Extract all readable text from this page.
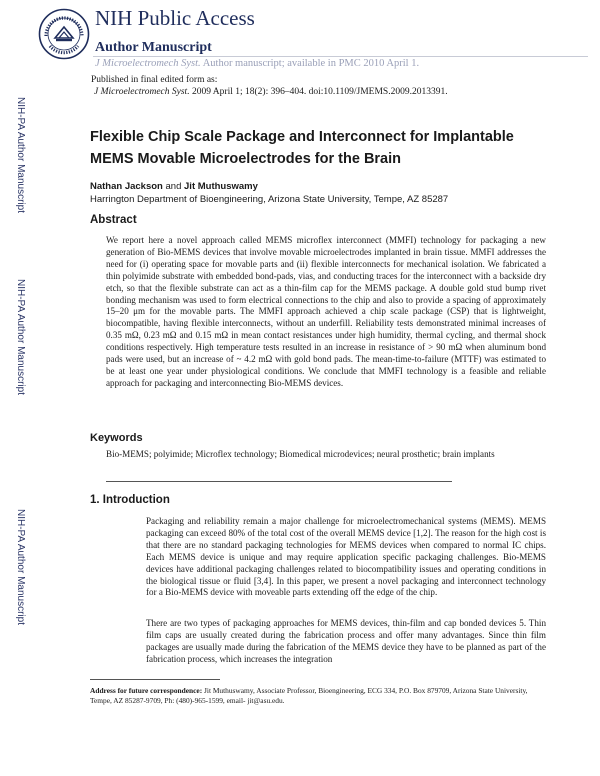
NIH Public Access
Author Manuscript
J Microelectromech Syst. Author manuscript; available in PMC 2010 April 1.
Published in final edited form as:
J Microelectromech Syst. 2009 April 1; 18(2): 396–404. doi:10.1109/JMEMS.2009.2013391.
NIH-PA Author Manuscript
NIH-PA Author Manuscript
NIH-PA Author Manuscript
Flexible Chip Scale Package and Interconnect for Implantable MEMS Movable Microelectrodes for the Brain
Nathan Jackson and Jit Muthuswamy
Harrington Department of Bioengineering, Arizona State University, Tempe, AZ 85287
Abstract

We report here a novel approach called MEMS microflex interconnect (MMFI) technology for packaging a new generation of Bio-MEMS devices that involve movable microelectrodes implanted in brain tissue. MMFI addresses the need for (i) operating space for movable parts and (ii) flexible interconnects for mechanical isolation. We fabricated a thin polyimide substrate with embedded bond-pads, vias, and conducting traces for the interconnect with a backside dry etch, so that the flexible substrate can act as a thin-film cap for the MEMS package. A double gold stud bump rivet bonding mechanism was used to form electrical connections to the chip and also to provide a spacing of approximately 15–20 μm for the movable parts. The MMFI approach achieved a chip scale package (CSP) that is lightweight, biocompatible, having flexible interconnects, without an underfill. Reliability tests demonstrated minimal increases of 0.35 mΩ, 0.23 mΩ and 0.15 mΩ in mean contact resistances under high humidity, thermal cycling, and thermal shock conditions respectively. High temperature tests resulted in an increase in resistance of > 90 mΩ when aluminum bond pads were used, but an increase of ~ 4.2 mΩ with gold bond pads. The mean-time-to-failure (MTTF) was estimated to be at least one year under physiological conditions. We conclude that MMFI technology is a feasible and reliable approach for packaging and interconnecting Bio-MEMS devices.

Keywords

Bio-MEMS; polyimide; Microflex technology; Biomedical microdevices; neural prosthetic; brain implants

1. Introduction

Packaging and reliability remain a major challenge for microelectromechanical systems (MEMS). MEMS packaging can exceed 80% of the total cost of the overall MEMS device [1,2]. The reason for the high cost is that there are no standard packaging technologies for MEMS devices when compared to normal IC chips. Each MEMS device is unique and may require application specific packaging challenges. Bio-MEMS devices have additional packaging challenges related to biocompatibility issues and operating conditions in the biological tissue or fluid [3,4]. In this paper, we present a novel packaging and interconnect technology for a Bio-MEMS device with moveable parts extending off the edge of the chip.

There are two types of packaging approaches for MEMS devices, thin-film and cap bonded devices 5. Thin film caps are usually created during the fabrication process and offer many advantages. Since thin film packages are usually made during the fabrication of the MEMS device they have to be planned as part of the fabrication process, which increases the integration

Address for future correspondence: Jit Muthuswamy, Associate Professor, Bioengineering, ECG 334, P.O. Box 879709, Arizona State University, Tempe, AZ 85287-9709, Ph: (480)-965-1599, email- jit@asu.edu.
